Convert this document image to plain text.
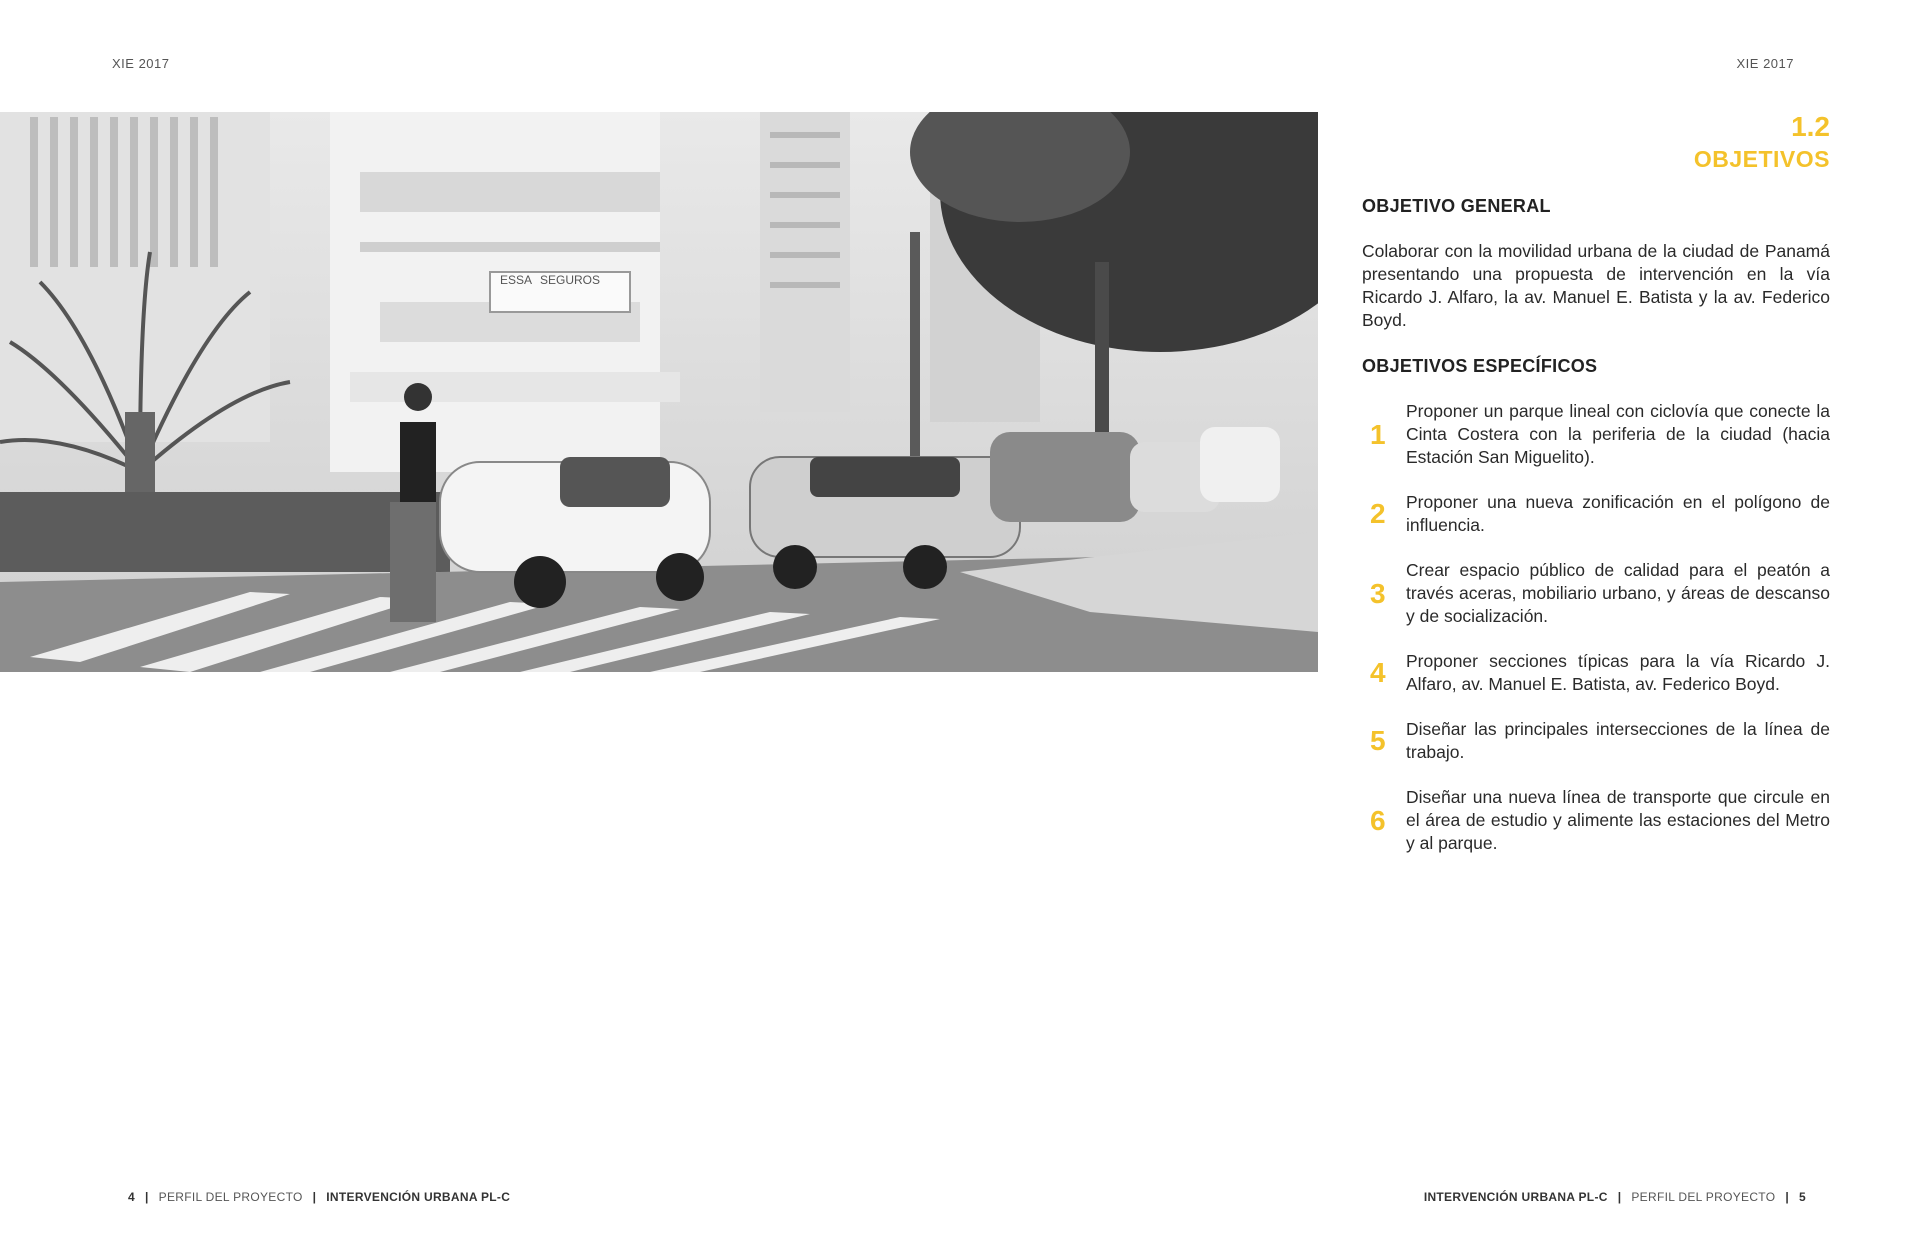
XIE 2017	XIE 2017
ESSA SEGUROS
1.2
OBJETIVOS
OBJETIVO GENERAL
Colaborar con la movilidad urbana de la ciudad de Panamá presentando una propuesta de intervención en la vía Ricardo J. Alfaro, la av. Manuel E. Batista y la av. Federico Boyd.
OBJETIVOS ESPECÍFICOS
1
Proponer un parque lineal con ciclovía que conecte la Cinta Costera con la periferia de la ciudad (hacia Estación San Miguelito).
2	Proponer una nueva zonificación en el polígono de influencia.
3
Crear espacio público de calidad para el peatón a través aceras, mobiliario urbano, y áreas de descanso y de socialización.
4	Proponer secciones típicas para la vía Ricardo J. Alfaro, av. Manuel E. Batista, av. Federico Boyd.
5	Diseñar las principales intersecciones de la línea de trabajo.
6
Diseñar una nueva línea de transporte que circule en el área de estudio y alimente las estaciones del Metro y al parque.
4 | PERFIL DEL PROYECTO | INTERVENCIÓN URBANA PL-C	INTERVENCIÓN URBANA PL-C | PERFIL DEL PROYECTO | 5
